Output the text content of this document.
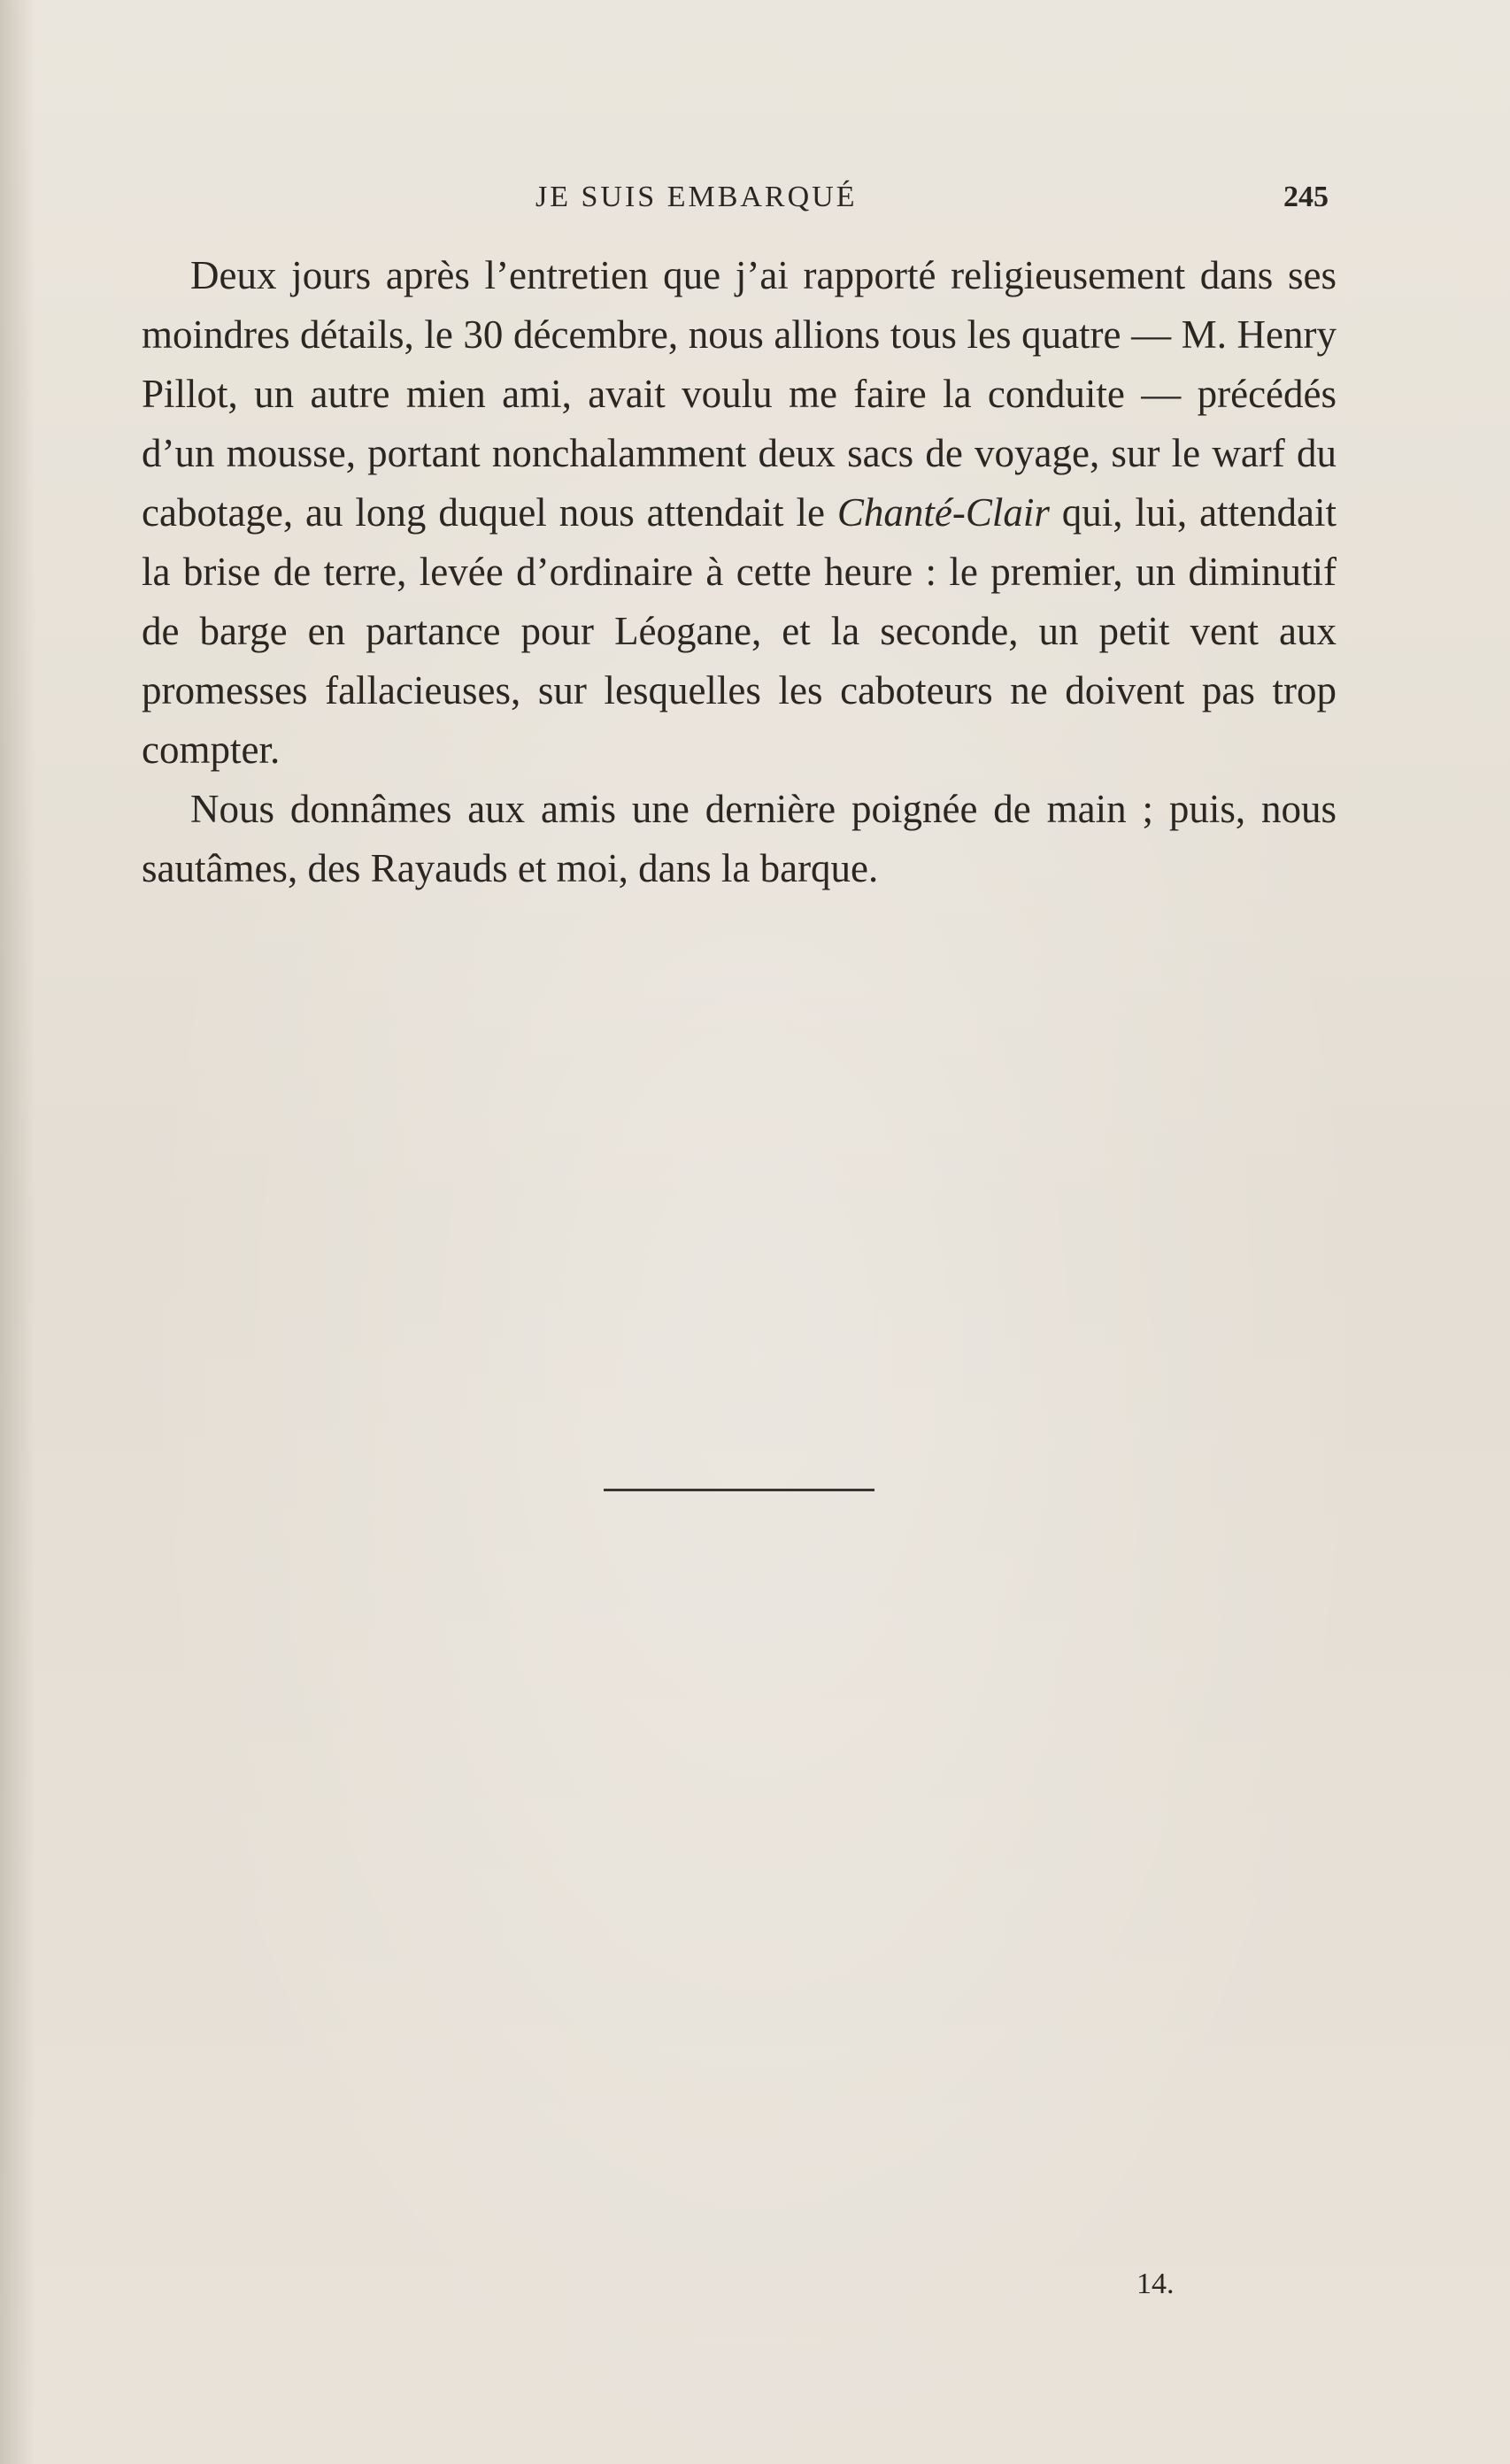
JE SUIS EMBARQUÉ	245

Deux jours après l’entretien que j’ai rapporté religieusement dans ses moindres détails, le 30 décembre, nous allions tous les quatre — M. Henry Pillot, un autre mien ami, avait voulu me faire la conduite — précédés d’un mousse, portant nonchalamment deux sacs de voyage, sur le warf du cabotage, au long duquel nous attendait le Chanté-Clair qui, lui, attendait la brise de terre, levée d’ordinaire à cette heure : le premier, un diminutif de barge en partance pour Léogane, et la seconde, un petit vent aux promesses fallacieuses, sur lesquelles les caboteurs ne doivent pas trop compter.

Nous donnâmes aux amis une dernière poignée de main ; puis, nous sautâmes, des Rayauds et moi, dans la barque.

14.
